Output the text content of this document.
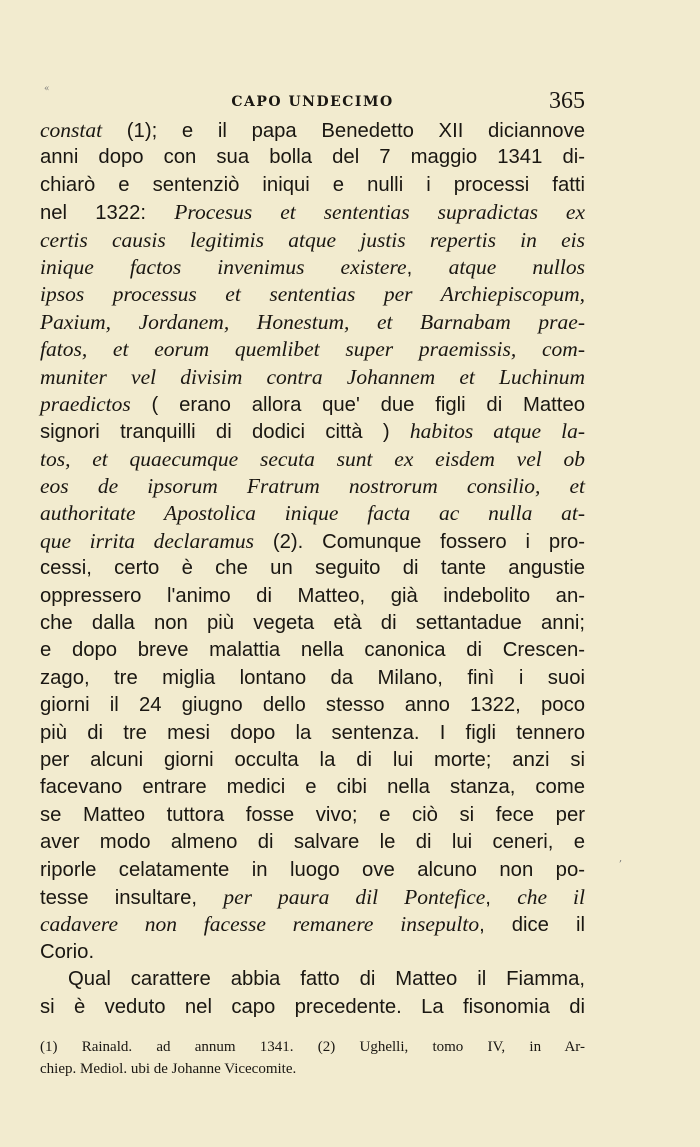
«
CAPO UNDECIMO	365
constat (1); e il papa Benedetto XII diciannove
anni dopo con sua bolla del 7 maggio 1341 di-
chiarò e sentenziò iniqui e nulli i processi fatti
nel 1322: Procesus et sententias supradictas ex
certis causis legitimis atque justis repertis in eis
inique factos invenimus existere, atque nullos
ipsos processus et sententias per Archiepiscopum,
Paxium, Jordanem, Honestum, et Barnabam prae-
fatos, et eorum quemlibet super praemissis, com-
muniter vel divisim contra Johannem et Luchinum
praedictos ( erano allora que' due figli di Matteo
signori tranquilli di dodici città ) habitos atque la-
tos, et quaecumque secuta sunt ex eisdem vel ob
eos de ipsorum Fratrum nostrorum consilio, et
authoritate Apostolica inique facta ac nulla at-
que irrita declaramus (2). Comunque fossero i pro-
cessi, certo è che un seguito di tante angustie
oppressero l'animo di Matteo, già indebolito an-
che dalla non più vegeta età di settantadue anni;
e dopo breve malattia nella canonica di Crescen-
zago, tre miglia lontano da Milano, finì i suoi
giorni il 24 giugno dello stesso anno 1322, poco
più di tre mesi dopo la sentenza. I figli tennero
per alcuni giorni occulta la di lui morte; anzi si
facevano entrare medici e cibi nella stanza, come
se Matteo tuttora fosse vivo; e ciò si fece per
aver modo almeno di salvare le di lui ceneri, e
riporle celatamente in luogo ove alcuno non po-
tesse insultare, per paura dil Pontefice, che il
cadavere non facesse remanere insepulto, dice il
Corio.
Qual carattere abbia fatto di Matteo il Fiamma,
si è veduto nel capo precedente. La fisonomia di
,
(1) Rainald. ad annum 1341. (2) Ughelli, tomo IV, in Ar-
chiep. Mediol. ubi de Johanne Vicecomite.
